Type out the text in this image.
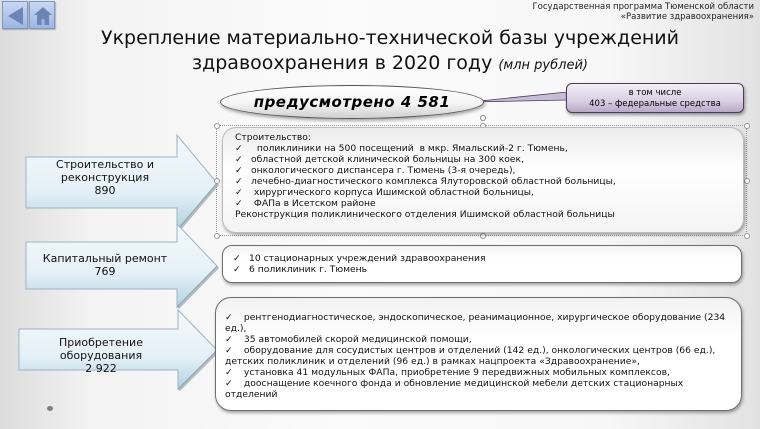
Государственная программа Тюменской области
«Развитие здравоохранения»
Укрепление материально-технической базы учреждений
здравоохранения в 2020 году (млн рублей)
предусмотрено 4 581	в том числе
403 – федеральные средства
Строительство и
реконструкция
890
Капитальный ремонт
769
Приобретение оборудования
2 922
Строительство:
✓  поликлиники на 500 посещений  в мкр. Ямальский-2 г. Тюмень,
✓ областной детской клинической больницы на 300 коек,
✓ онкологического диспансера г. Тюмень (3-я очередь),
✓ лечебно-диагностического комплекса Ялуторовской областной больницы,
✓ хирургического корпуса Ишимской областной больницы,
✓ ФАПа в Исетском районе
Реконструкция поликлинического отделения Ишимской областной больницы
✓ 10 стационарных учреждений здравоохранения
✓ 6 поликлиник г. Тюмень
✓ рентгенодиагностическое, эндоскопическое, реанимационное, хирургическое оборудование (234 ед.),
✓ 35 автомобилей скорой медицинской помощи,
✓ оборудование для сосудистых центров и отделений (142 ед.), онкологических центров (66 ед.), детских поликлиник и отделений (96 ед.) в рамках нацпроекта «Здравоохранение»,
✓ установка 41 модульных ФАПа, приобретение 9 передвижных мобильных комплексов,
✓ дооснащение коечного фонда и обновление медицинской мебели детских стационарных отделений
